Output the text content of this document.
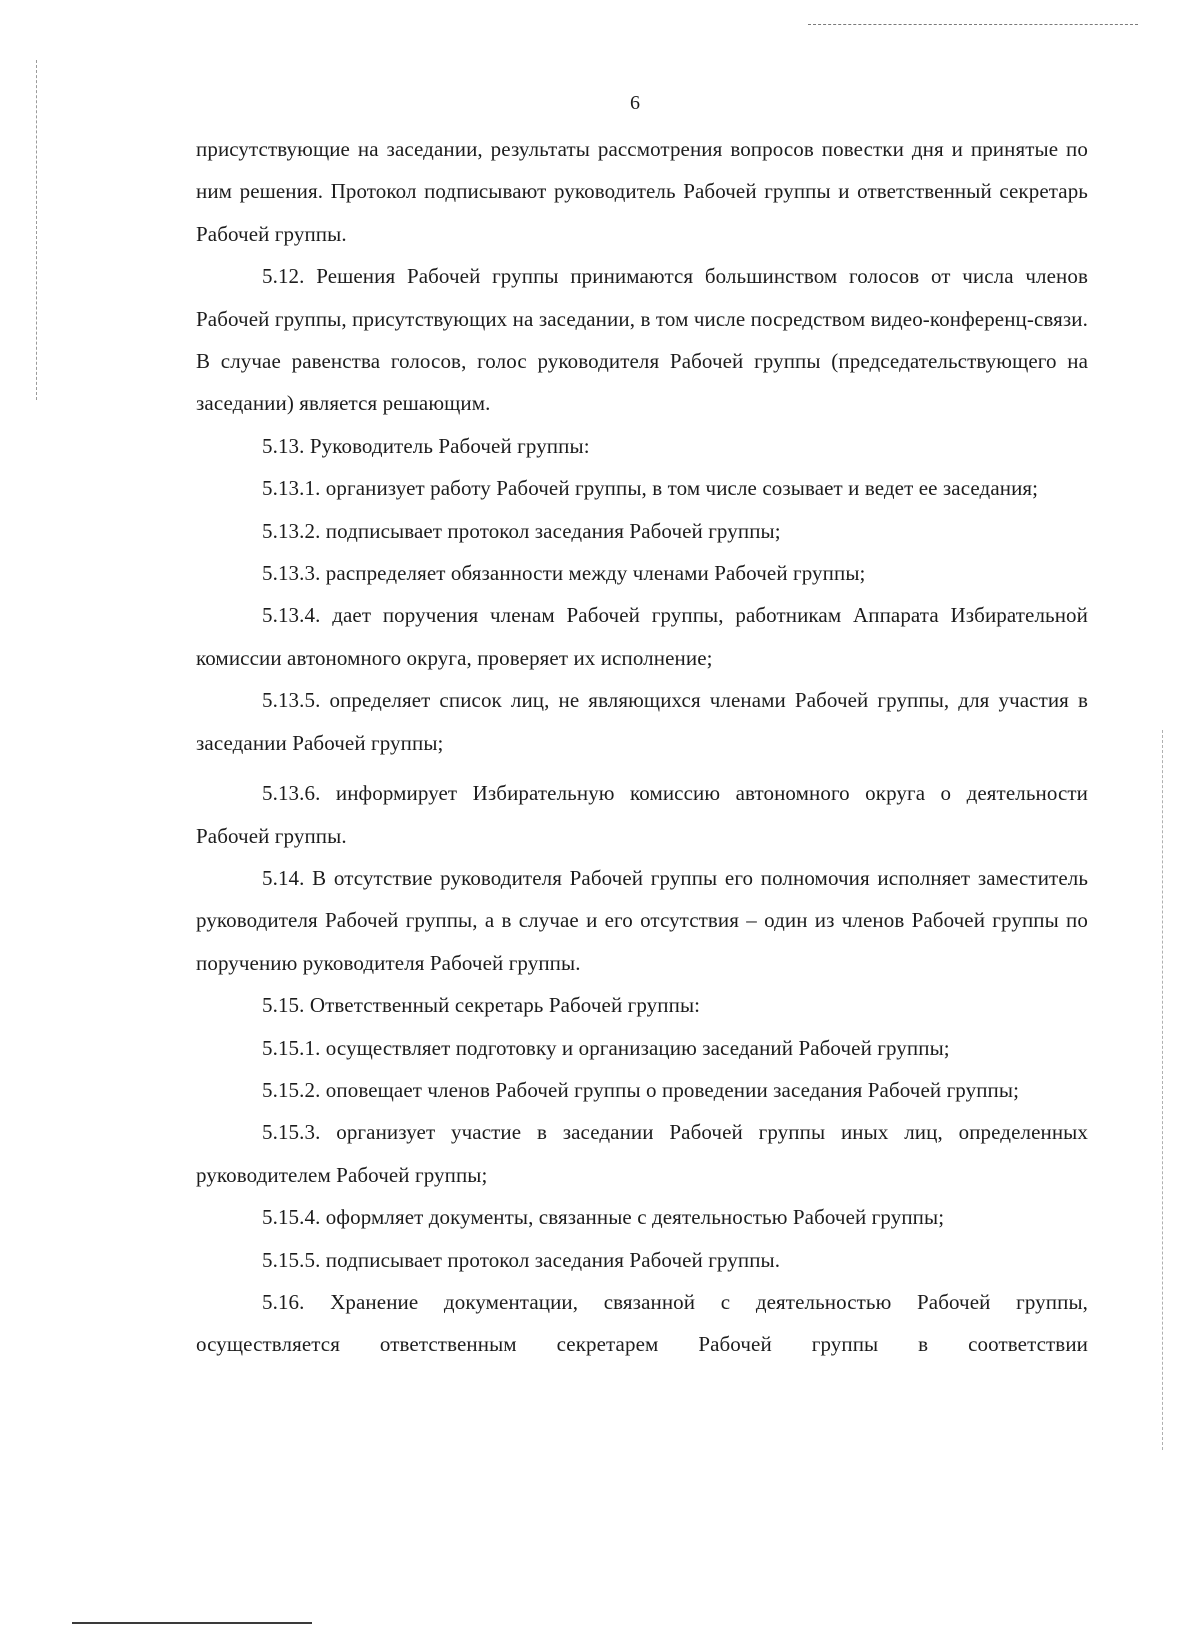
6

присутствующие на заседании, результаты рассмотрения вопросов повестки дня и принятые по ним решения. Протокол подписывают руководитель Рабочей группы и ответственный секретарь Рабочей группы.

5.12. Решения Рабочей группы принимаются большинством голосов от числа членов Рабочей группы, присутствующих на заседании, в том числе посредством видео-конференц-связи. В случае равенства голосов, голос руководителя Рабочей группы (председательствующего на заседании) является решающим.

5.13. Руководитель Рабочей группы:

5.13.1. организует работу Рабочей группы, в том числе созывает и ведет ее заседания;

5.13.2. подписывает протокол заседания Рабочей группы;

5.13.3. распределяет обязанности между членами Рабочей группы;

5.13.4. дает поручения членам Рабочей группы, работникам Аппарата Избирательной комиссии автономного округа, проверяет их исполнение;

5.13.5. определяет список лиц, не являющихся членами Рабочей группы, для участия в заседании Рабочей группы;

5.13.6. информирует Избирательную комиссию автономного округа о деятельности Рабочей группы.

5.14. В отсутствие руководителя Рабочей группы его полномочия исполняет заместитель руководителя Рабочей группы, а в случае и его отсутствия – один из членов Рабочей группы по поручению руководителя Рабочей группы.

5.15. Ответственный секретарь Рабочей группы:

5.15.1. осуществляет подготовку и организацию заседаний Рабочей группы;

5.15.2. оповещает членов Рабочей группы о проведении заседания Рабочей группы;

5.15.3. организует участие в заседании Рабочей группы иных лиц, определенных руководителем Рабочей группы;

5.15.4. оформляет документы, связанные с деятельностью Рабочей группы;

5.15.5. подписывает протокол заседания Рабочей группы.

5.16. Хранение документации, связанной с деятельностью Рабочей группы, осуществляется ответственным секретарем Рабочей группы в соответствии
